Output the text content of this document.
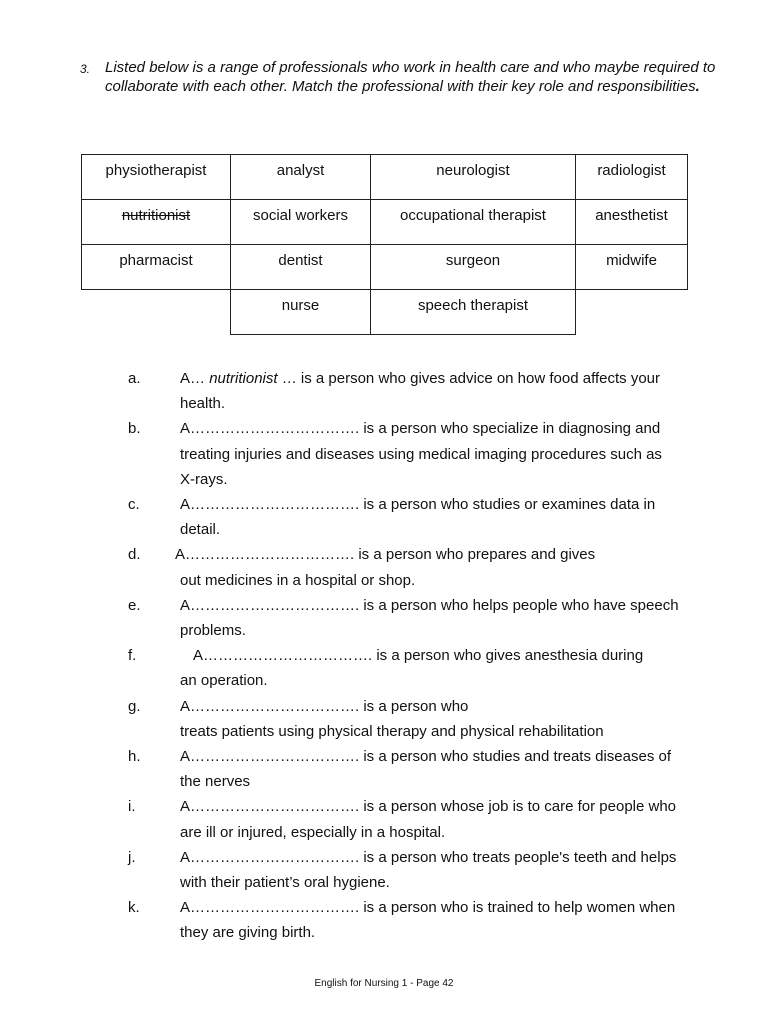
3. Listed below is a range of professionals who work in health care and who maybe required to collaborate with each other. Match the professional with their key role and responsibilities.
physiotherapist	analyst	neurologist	radiologist
nutritionist	social workers	occupational therapist	anesthetist
pharmacist	dentist	surgeon	midwife
	nurse	speech therapist	
a.	A… nutritionist … is a person who gives advice on how food affects your
health.
b.	A……………………………. is a person who specialize in diagnosing and
treating injuries and diseases using medical imaging procedures such as
X-rays.
c.	A……………………………. is a person who studies or examines data in
detail.
d. A……………………………. is a person who prepares and gives
out medicines in a hospital or shop.
e.	A……………………………. is a person who helps people who have speech
problems.
f.	A……………………………. is a person who gives anesthesia during
an operation.
g.	A……………………………. is a person who
treats patients using physical therapy and physical rehabilitation
h.	A……………………………. is a person who studies and treats diseases of
the nerves
i.	A……………………………. is a person whose job is to care for people who
are ill or injured, especially in a hospital.
j.	A……………………………. is a person who treats people's teeth and helps
with their patient’s oral hygiene.
k.	A……………………………. is a person who is trained to help women when
they are giving birth.
English for Nursing 1 - Page 42
